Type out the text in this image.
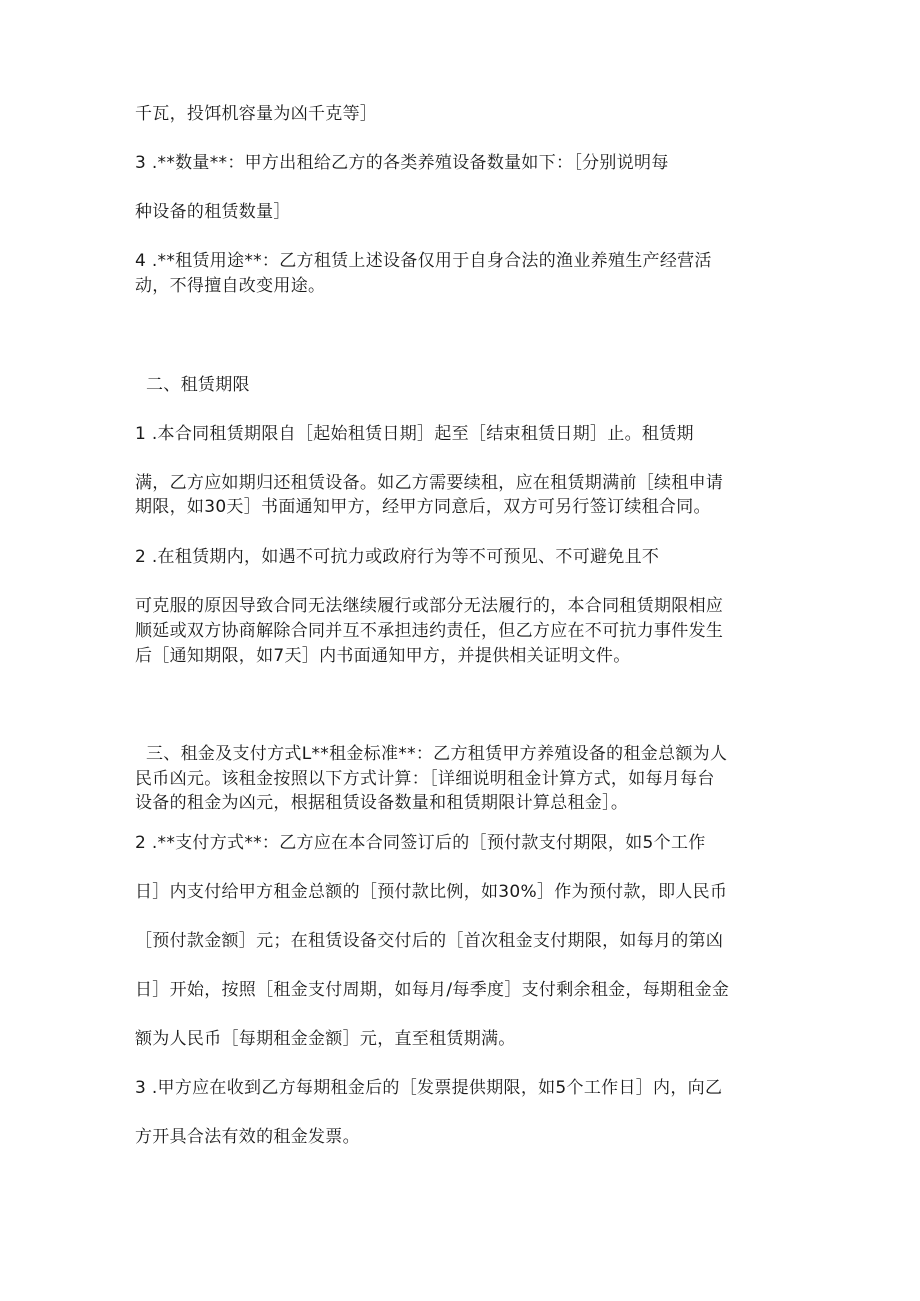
千瓦，投饵机容量为凶千克等］
3 .**数量**：甲方出租给乙方的各类养殖设备数量如下：［分别说明每
种设备的租赁数量］
4 .**租赁用途**：乙方租赁上述设备仅用于自身合法的渔业养殖生产经营活
动，不得擅自改变用途。
二、租赁期限
1 .本合同租赁期限自［起始租赁日期］起至［结束租赁日期］止。租赁期
满，乙方应如期归还租赁设备。如乙方需要续租，应在租赁期满前［续租申请
期限，如30天］书面通知甲方，经甲方同意后，双方可另行签订续租合同。
2 .在租赁期内，如遇不可抗力或政府行为等不可预见、不可避免且不
可克服的原因导致合同无法继续履行或部分无法履行的，本合同租赁期限相应
顺延或双方协商解除合同并互不承担违约责任，但乙方应在不可抗力事件发生
后［通知期限，如7天］内书面通知甲方，并提供相关证明文件。
三、租金及支付方式L**租金标准**：乙方租赁甲方养殖设备的租金总额为人
民币凶元。该租金按照以下方式计算：［详细说明租金计算方式，如每月每台
设备的租金为凶元，根据租赁设备数量和租赁期限计算总租金］。
2 .**支付方式**：乙方应在本合同签订后的［预付款支付期限，如5个工作
日］内支付给甲方租金总额的［预付款比例，如30%］作为预付款，即人民币
［预付款金额］元；在租赁设备交付后的［首次租金支付期限，如每月的第凶
日］开始，按照［租金支付周期，如每月/每季度］支付剩余租金，每期租金金
额为人民币［每期租金金额］元，直至租赁期满。
3 .甲方应在收到乙方每期租金后的［发票提供期限，如5个工作日］内，向乙
方开具合法有效的租金发票。
